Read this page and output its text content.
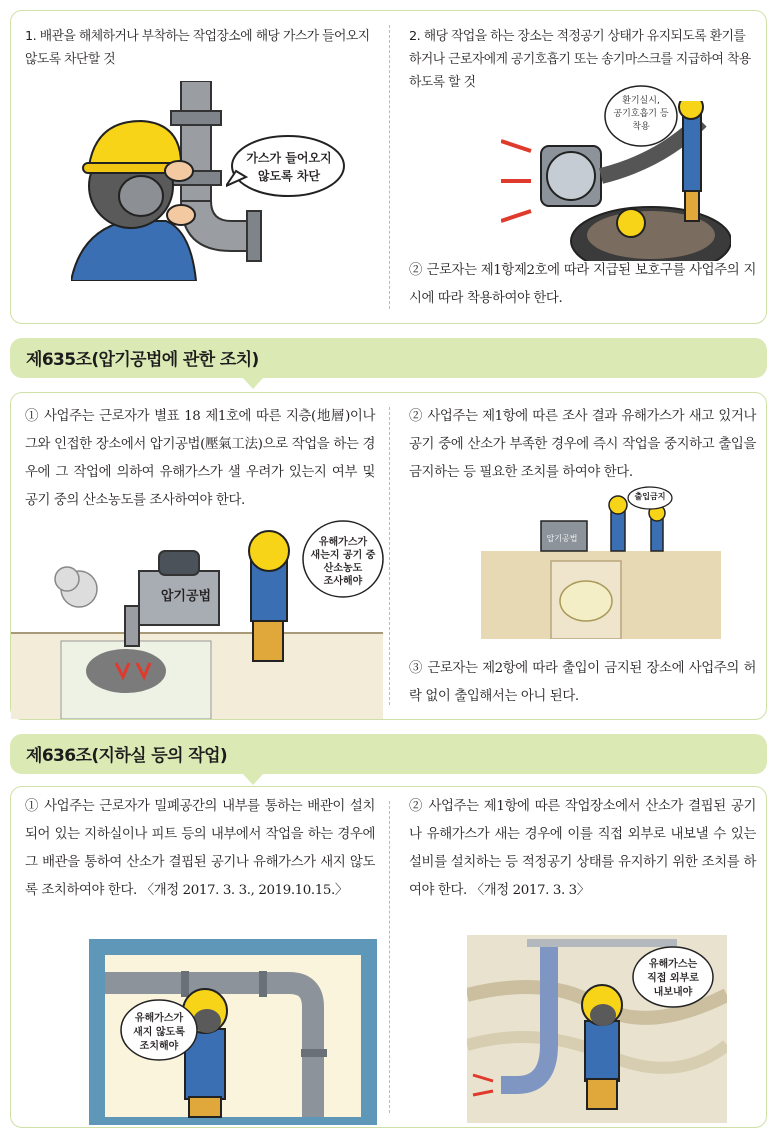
1. 배관을 해체하거나 부착하는 작업장소에 해당 가스가 들어오지 않도록 차단할 것
2. 해당 작업을 하는 장소는 적정공기 상태가 유지되도록 환기를 하거나 근로자에게 공기호흡기 또는 송기마스크를 지급하여 착용하도록 할 것
가스가 들어오지
않도록 차단
환기실시,
공기호흡기 등
착용
② 근로자는 제1항제2호에 따라 지급된 보호구를 사업주의 지시에 따라 착용하여야 한다.
제635조(압기공법에 관한 조치)
① 사업주는 근로자가 별표 18 제1호에 따른 지층(地層)이나 그와 인접한 장소에서 압기공법(壓氣工法)으로 작업을 하는 경우에 그 작업에 의하여 유해가스가 샐 우려가 있는지 여부 및 공기 중의 산소농도를 조사하여야 한다.
② 사업주는 제1항에 따른 조사 결과 유해가스가 새고 있거나 공기 중에 산소가 부족한 경우에 즉시 작업을 중지하고 출입을 금지하는 등 필요한 조치를 하여야 한다.
압기공법
유해가스가
새는지 공기 중
산소농도
조사해야
압기공법
출입금지
③ 근로자는 제2항에 따라 출입이 금지된 장소에 사업주의 허락 없이 출입해서는 아니 된다.
제636조(지하실 등의 작업)
① 사업주는 근로자가 밀폐공간의 내부를 통하는 배관이 설치되어 있는 지하실이나 피트 등의 내부에서 작업을 하는 경우에 그 배관을 통하여 산소가 결핍된 공기나 유해가스가 새지 않도록 조치하여야 한다. 〈개정 2017. 3. 3., 2019.10.15.〉
② 사업주는 제1항에 따른 작업장소에서 산소가 결핍된 공기나 유해가스가 새는 경우에 이를 직접 외부로 내보낼 수 있는 설비를 설치하는 등 적정공기 상태를 유지하기 위한 조치를 하여야 한다. 〈개정 2017. 3. 3〉
유해가스가
새지 않도록
조치해야
유해가스는
직접 외부로
내보내야
